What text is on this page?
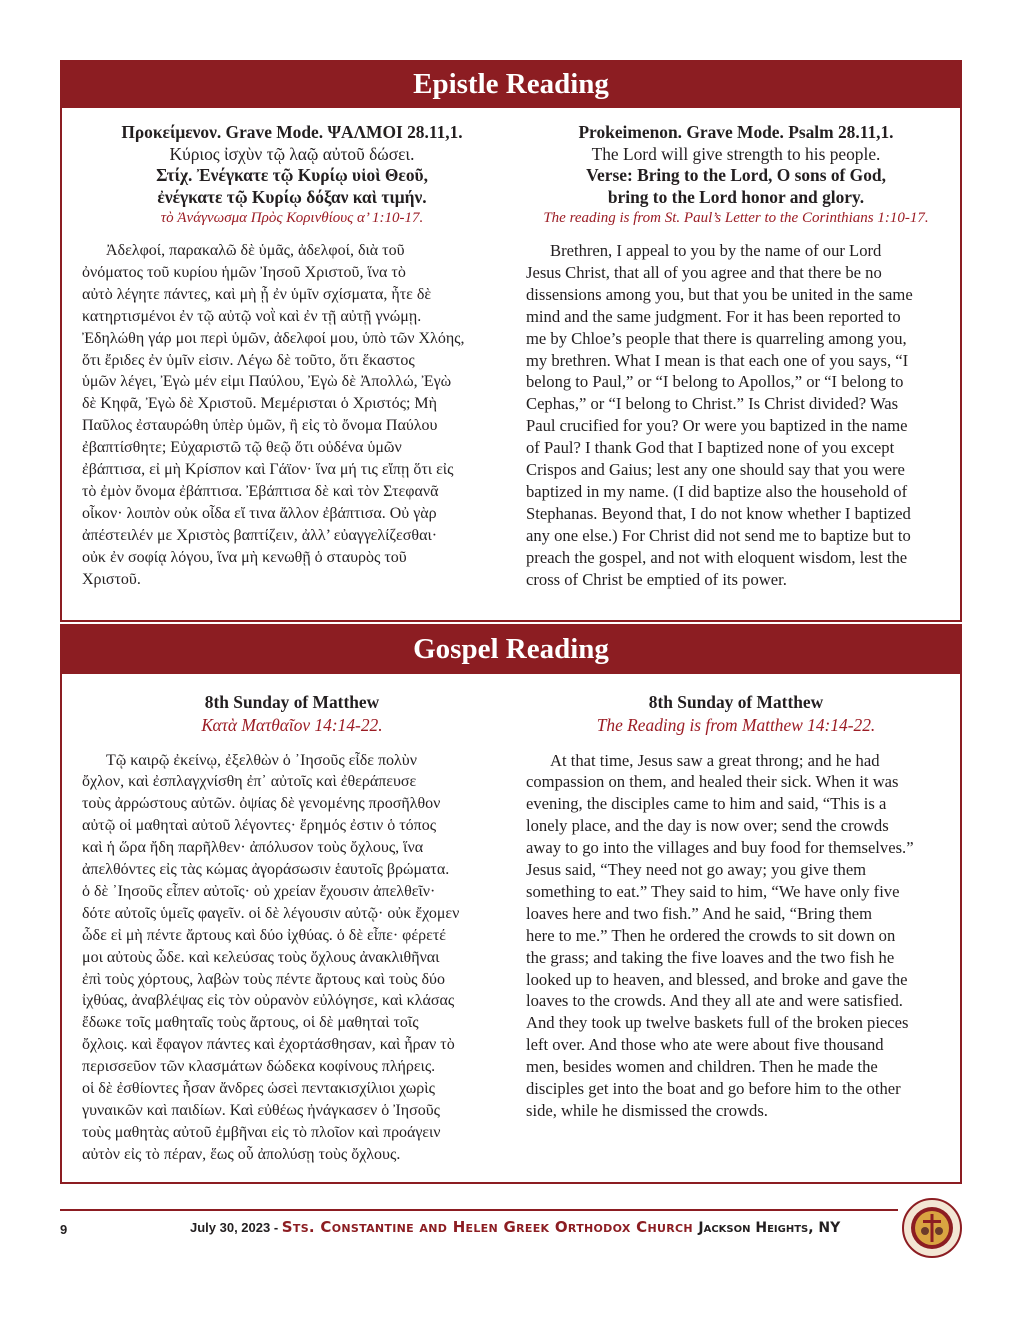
Epistle Reading
Προκείμενον. Grave Mode. ΨΑΛΜΟΙ 28.11,1.
Κύριος ἰσχὺν τῷ λαῷ αὐτοῦ δώσει.
Στίχ. Ἐνέγκατε τῷ Κυρίῳ υἱοὶ Θεοῦ,
ἐνέγκατε τῷ Κυρίῳ δόξαν καὶ τιμήν.
τὸ Ἀνάγνωσμα Πρὸς Κορινθίους α’ 1:10-17.
Ἀδελφοί, παρακαλῶ δὲ ὑμᾶς, ἀδελφοί, διὰ τοῦ
ὀνόματος τοῦ κυρίου ἡμῶν Ἰησοῦ Χριστοῦ, ἵνα τὸ
αὐτὸ λέγητε πάντες, καὶ μὴ ᾖ ἐν ὑμῖν σχίσματα, ἦτε δὲ
κατηρτισμένοι ἐν τῷ αὐτῷ νοῒ καὶ ἐν τῇ αὐτῇ γνώμῃ.
Ἐδηλώθη γάρ μοι περὶ ὑμῶν, ἀδελφοί μου, ὑπὸ τῶν Χλόης,
ὅτι ἔριδες ἐν ὑμῖν εἰσιν. Λέγω δὲ τοῦτο, ὅτι ἕκαστος
ὑμῶν λέγει, Ἐγὼ μέν εἰμι Παύλου, Ἐγὼ δὲ Ἀπολλώ, Ἐγὼ
δὲ Κηφᾶ, Ἐγὼ δὲ Χριστοῦ. Μεμέρισται ὁ Χριστός; Μὴ
Παῦλος ἐσταυρώθη ὑπὲρ ὑμῶν, ἢ εἰς τὸ ὄνομα Παύλου
ἐβαπτίσθητε; Εὐχαριστῶ τῷ θεῷ ὅτι οὐδένα ὑμῶν
ἐβάπτισα, εἰ μὴ Κρίσπον καὶ Γάϊον· ἵνα μή τις εἴπῃ ὅτι εἰς
τὸ ἐμὸν ὄνομα ἐβάπτισα. Ἐβάπτισα δὲ καὶ τὸν Στεφανᾶ
οἶκον· λοιπὸν οὐκ οἶδα εἴ τινα ἄλλον ἐβάπτισα. Οὐ γὰρ
ἀπέστειλέν με Χριστὸς βαπτίζειν, ἀλλ’ εὐαγγελίζεσθαι·
οὐκ ἐν σοφίᾳ λόγου, ἵνα μὴ κενωθῇ ὁ σταυρὸς τοῦ
Χριστοῦ.
Prokeimenon. Grave Mode. Psalm 28.11,1.
The Lord will give strength to his people.
Verse: Bring to the Lord, O sons of God,
bring to the Lord honor and glory.
The reading is from St. Paul’s Letter to the Corinthians 1:10-17.
Brethren, I appeal to you by the name of our Lord
Jesus Christ, that all of you agree and that there be no
dissensions among you, but that you be united in the same
mind and the same judgment. For it has been reported to
me by Chloe’s people that there is quarreling among you,
my brethren. What I mean is that each one of you says, “I
belong to Paul,” or “I belong to Apollos,” or “I belong to
Cephas,” or “I belong to Christ.” Is Christ divided? Was
Paul crucified for you? Or were you baptized in the name
of Paul? I thank God that I baptized none of you except
Crispos and Gaius; lest any one should say that you were
baptized in my name. (I did baptize also the household of
Stephanas. Beyond that, I do not know whether I baptized
any one else.) For Christ did not send me to baptize but to
preach the gospel, and not with eloquent wisdom, lest the
cross of Christ be emptied of its power.
Gospel Reading
8th Sunday of Matthew
Κατὰ Ματθαῖον 14:14-22.
Τῷ καιρῷ ἐκείνῳ, ἐξελθὼν ὁ ᾿Ιησοῦς εἶδε πολὺν
ὄχλον, καὶ ἐσπλαγχνίσθη ἐπ᾿ αὐτοῖς καὶ ἐθεράπευσε
τοὺς ἀρρώστους αὐτῶν. ὀψίας δὲ γενομένης προσῆλθον
αὐτῷ οἱ μαθηταὶ αὐτοῦ λέγοντες· ἔρημός ἐστιν ὁ τόπος
καὶ ἡ ὥρα ἤδη παρῆλθεν· ἀπόλυσον τοὺς ὄχλους, ἵνα
ἀπελθόντες εἰς τὰς κώμας ἀγοράσωσιν ἑαυτοῖς βρώματα.
ὁ δὲ ᾿Ιησοῦς εἶπεν αὐτοῖς· οὐ χρείαν ἔχουσιν ἀπελθεῖν·
δότε αὐτοῖς ὑμεῖς φαγεῖν. οἱ δὲ λέγουσιν αὐτῷ· οὐκ ἔχομεν
ὧδε εἰ μὴ πέντε ἄρτους καὶ δύο ἰχθύας. ὁ δὲ εἶπε· φέρετέ
μοι αὐτοὺς ὧδε. καὶ κελεύσας τοὺς ὄχλους ἀνακλιθῆναι
ἐπὶ τοὺς χόρτους, λαβὼν τοὺς πέντε ἄρτους καὶ τοὺς δύο
ἰχθύας, ἀναβλέψας εἰς τὸν οὐρανὸν εὐλόγησε, καὶ κλάσας
ἔδωκε τοῖς μαθηταῖς τοὺς ἄρτους, οἱ δὲ μαθηταὶ τοῖς
ὄχλοις. καὶ ἔφαγον πάντες καὶ ἐχορτάσθησαν, καὶ ἦραν τὸ
περισσεῦον τῶν κλασμάτων δώδεκα κοφίνους πλήρεις.
οἱ δὲ ἐσθίοντες ἦσαν ἄνδρες ὡσεὶ πεντακισχίλιοι χωρὶς
γυναικῶν καὶ παιδίων. Καὶ εὐθέως ἠνάγκασεν ὁ Ἰησοῦς
τοὺς μαθητὰς αὐτοῦ ἐμβῆναι εἰς τὸ πλοῖον καὶ προάγειν
αὐτὸν εἰς τὸ πέραν, ἕως οὗ ἀπολύσῃ τοὺς ὄχλους.
8th Sunday of Matthew
The Reading is from Matthew 14:14-22.
At that time, Jesus saw a great throng; and he had
compassion on them, and healed their sick. When it was
evening, the disciples came to him and said, “This is a
lonely place, and the day is now over; send the crowds
away to go into the villages and buy food for themselves.”
Jesus said, “They need not go away; you give them
something to eat.” They said to him, “We have only five
loaves here and two fish.” And he said, “Bring them
here to me.” Then he ordered the crowds to sit down on
the grass; and taking the five loaves and the two fish he
looked up to heaven, and blessed, and broke and gave the
loaves to the crowds. And they all ate and were satisfied.
And they took up twelve baskets full of the broken pieces
left over. And those who ate were about five thousand
men, besides women and children. Then he made the
disciples get into the boat and go before him to the other
side, while he dismissed the crowds.
9	July 30, 2023 - Sts. Constantine and Helen Greek Orthodox Church Jackson Heights, NY
